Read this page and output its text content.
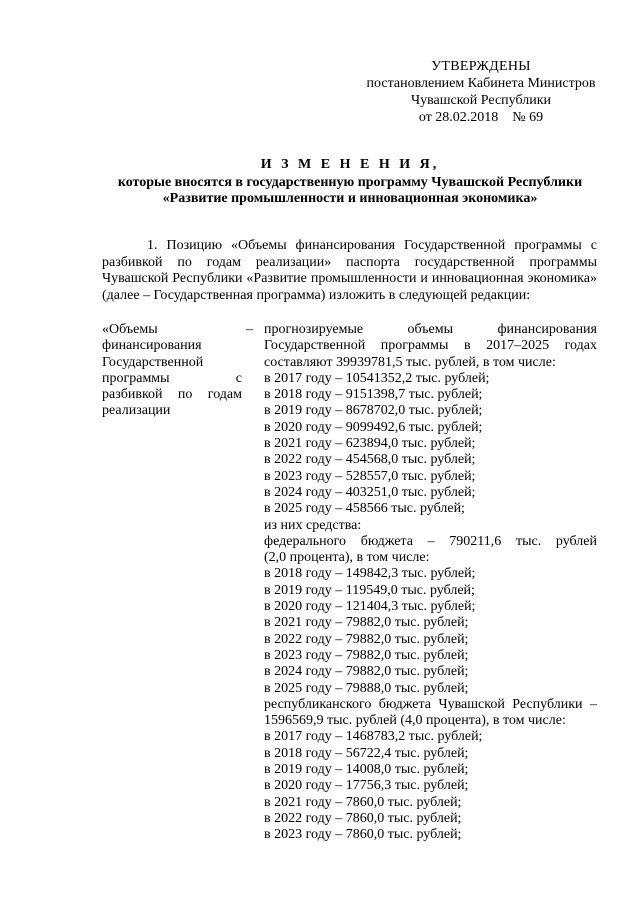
УТВЕРЖДЕНЫ
постановлением Кабинета Министров
Чувашской Республики
от 28.02.2018    № 69
И З М Е Н Е Н И Я,
которые вносятся в государственную программу Чувашской Республики
«Развитие промышленности и инновационная экономика»
1. Позицию «Объемы финансирования Государственной программы с разбивкой по годам реализации» паспорта государственной программы Чувашской Республики «Развитие промышленности и инновационная экономика» (далее – Государственная программа) изложить в следующей редакции:
«Объемы финансирования Государственной программы с разбивкой по годам реализации
– прогнозируемые объемы финансирования Государственной программы в 2017–2025 годах составляют 39939781,5 тыс. рублей, в том числе:
в 2017 году – 10541352,2 тыс. рублей;
в 2018 году – 9151398,7 тыс. рублей;
в 2019 году – 8678702,0 тыс. рублей;
в 2020 году – 9099492,6 тыс. рублей;
в 2021 году – 623894,0 тыс. рублей;
в 2022 году – 454568,0 тыс. рублей;
в 2023 году – 528557,0 тыс. рублей;
в 2024 году – 403251,0 тыс. рублей;
в 2025 году – 458566 тыс. рублей;
из них средства:
федерального бюджета – 790211,6 тыс. рублей
(2,0 процента), в том числе:
в 2018 году – 149842,3 тыс. рублей;
в 2019 году – 119549,0 тыс. рублей;
в 2020 году – 121404,3 тыс. рублей;
в 2021 году – 79882,0 тыс. рублей;
в 2022 году – 79882,0 тыс. рублей;
в 2023 году – 79882,0 тыс. рублей;
в 2024 году – 79882,0 тыс. рублей;
в 2025 году – 79888,0 тыс. рублей;
республиканского бюджета Чувашской Республики – 1596569,9 тыс. рублей (4,0 процента), в том числе:
в 2017 году – 1468783,2 тыс. рублей;
в 2018 году – 56722,4 тыс. рублей;
в 2019 году – 14008,0 тыс. рублей;
в 2020 году – 17756,3 тыс. рублей;
в 2021 году – 7860,0 тыс. рублей;
в 2022 году – 7860,0 тыс. рублей;
в 2023 году – 7860,0 тыс. рублей;
